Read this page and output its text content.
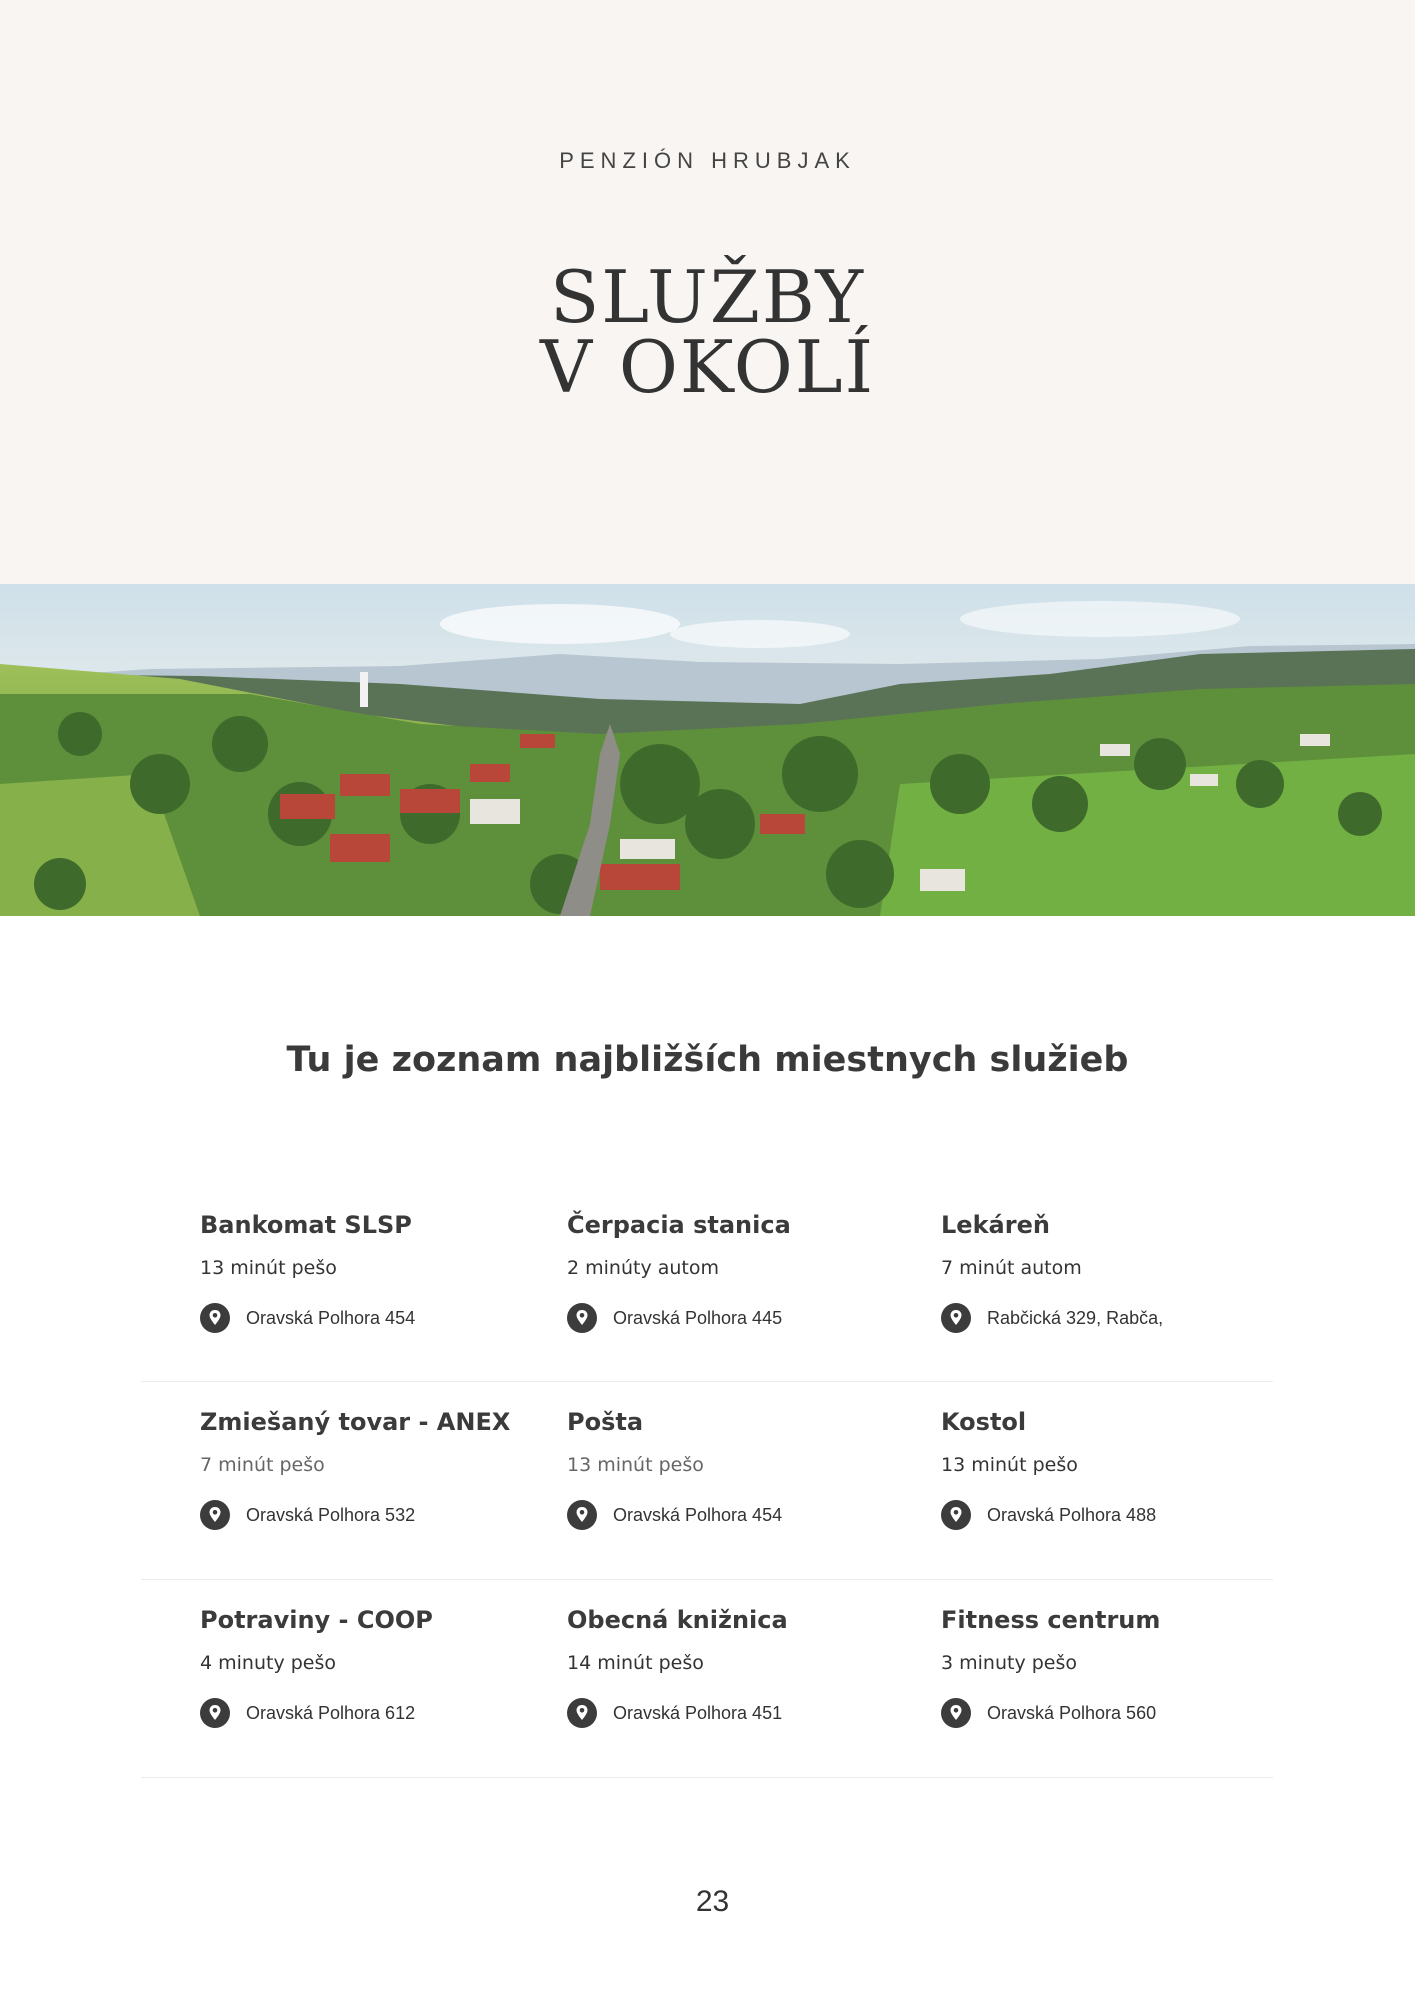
PENZIÓN HRUBJAK
SLUŽBY
V OKOLÍ
Tu je zoznam najbližších miestnych služieb
Bankomat SLSP
13 minút pešo
Oravská Polhora 454
Čerpacia stanica
2 minúty autom
Oravská Polhora 445
Lekáreň
7 minút autom
Rabčická 329, Rabča,
Zmiešaný tovar - ANEX
7 minút pešo
Oravská Polhora 532
Pošta
13 minút pešo
Oravská Polhora 454
Kostol
13 minút pešo
Oravská Polhora 488
Potraviny - COOP
4 minuty pešo
Oravská Polhora 612
Obecná knižnica
14 minút pešo
Oravská Polhora 451
Fitness centrum
3 minuty pešo
Oravská Polhora 560
23
